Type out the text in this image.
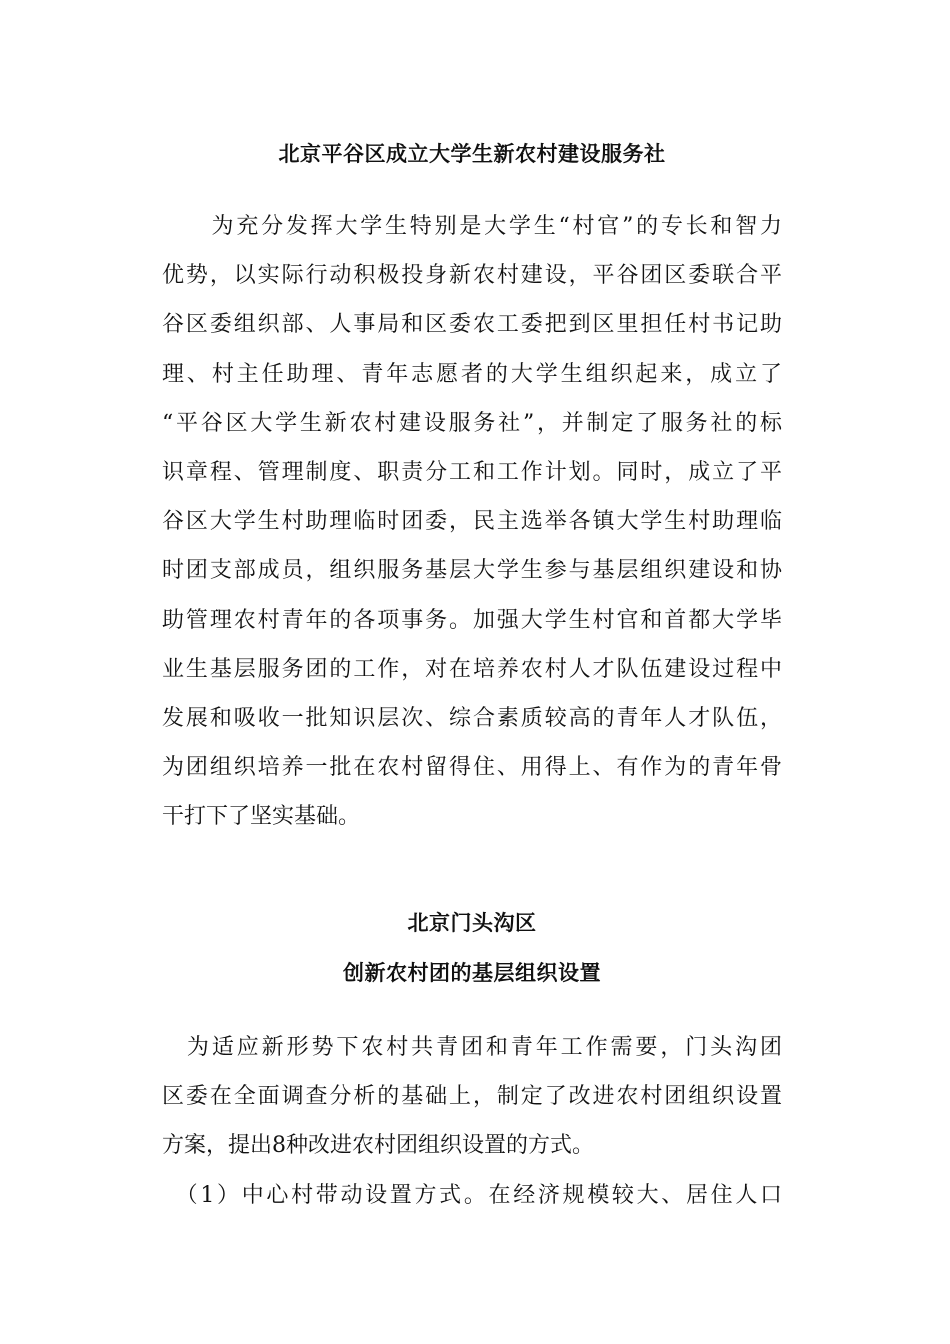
北京平谷区成立大学生新农村建设服务社
　　为充分发挥大学生特别是大学生“村官”的专长和智力
优势，以实际行动积极投身新农村建设，平谷团区委联合平
谷区委组织部、人事局和区委农工委把到区里担任村书记助
理、村主任助理、青年志愿者的大学生组织起来，成立了
“平谷区大学生新农村建设服务社”，并制定了服务社的标
识章程、管理制度、职责分工和工作计划。同时，成立了平
谷区大学生村助理临时团委，民主选举各镇大学生村助理临
时团支部成员，组织服务基层大学生参与基层组织建设和协
助管理农村青年的各项事务。加强大学生村官和首都大学毕
业生基层服务团的工作，对在培养农村人才队伍建设过程中
发展和吸收一批知识层次、综合素质较高的青年人才队伍，
为团组织培养一批在农村留得住、用得上、有作为的青年骨
干打下了坚实基础。
北京门头沟区
创新农村团的基层组织设置
　为适应新形势下农村共青团和青年工作需要，门头沟团
区委在全面调查分析的基础上，制定了改进农村团组织设置
方案，提出8种改进农村团组织设置的方式。
　（1）中心村带动设置方式。在经济规模较大、居住人口
